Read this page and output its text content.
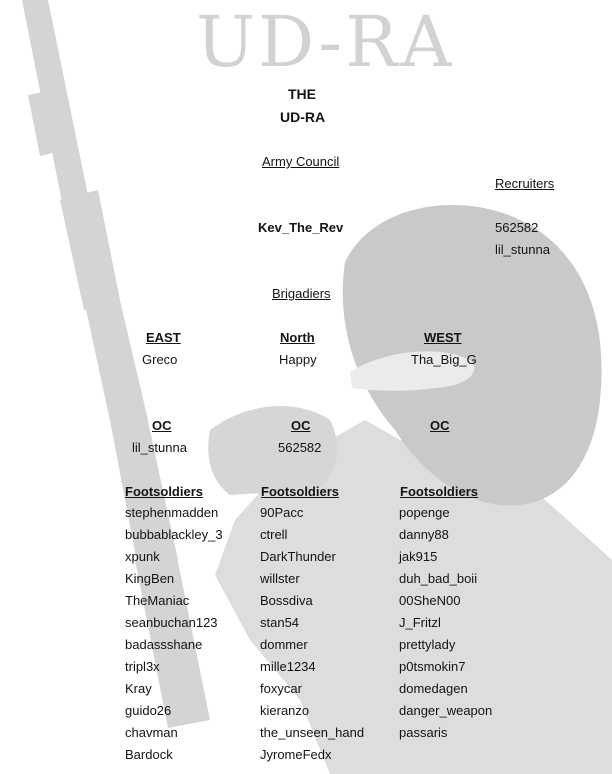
UD-RA
THE
UD-RA
Army Council
Kev_The_Rev
Recruiters
562582
lil_stunna
Brigadiers
EAST
Greco
North
Happy
WEST
Tha_Big_G
OC
lil_stunna
OC
562582
OC
Footsoldiers	Footsoldiers	Footsoldiers
stephenmadden
bubbablackley_3
xpunk
KingBen
TheManiac
seanbuchan123
badassshane
tripl3x
Kray
guido26
chavman
Bardock
90Pacc
ctrell
DarkThunder
willster
Bossdiva
stan54
dommer
mille1234
foxycar
kieranzo
the_unseen_hand
JyromeFedx
popenge
danny88
jak915
duh_bad_boii
00SheN00
J_Fritzl
prettylady
p0tsmokin7
domedagen
danger_weapon
passaris
